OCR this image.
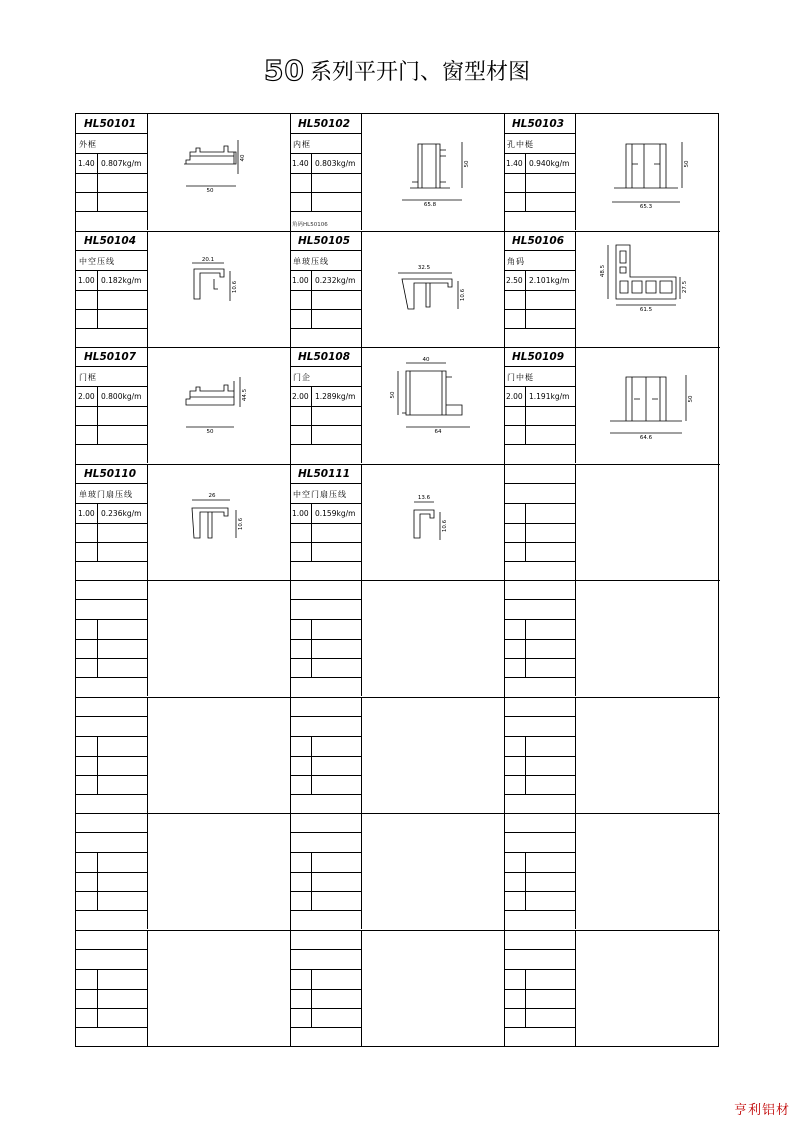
50 系列平开门、窗型材图
HL50101
外框
1.40 0.807kg/m
50
40
HL50102
内框
1.40 0.803kg/m
角码HL50106
65.8
50
HL50103
孔中梃
1.40 0.940kg/m
65.3
50
HL50104
中空压线
1.00 0.182kg/m
20.1
10.6
HL50105
单玻压线
1.00 0.232kg/m
32.5
10.6
HL50106
角码
2.50 2.101kg/m
61.5
48.5
27.5
HL50107
门框
2.00 0.800kg/m
50
44.5
HL50108
门企
2.00 1.289kg/m
40
50
64
HL50109
门中梃
2.00 1.191kg/m
64.6
50
HL50110
单玻门扇压线
1.00 0.236kg/m
26
10.6
HL50111
中空门扇压线
1.00 0.159kg/m
13.6
10.6
亨利铝材
